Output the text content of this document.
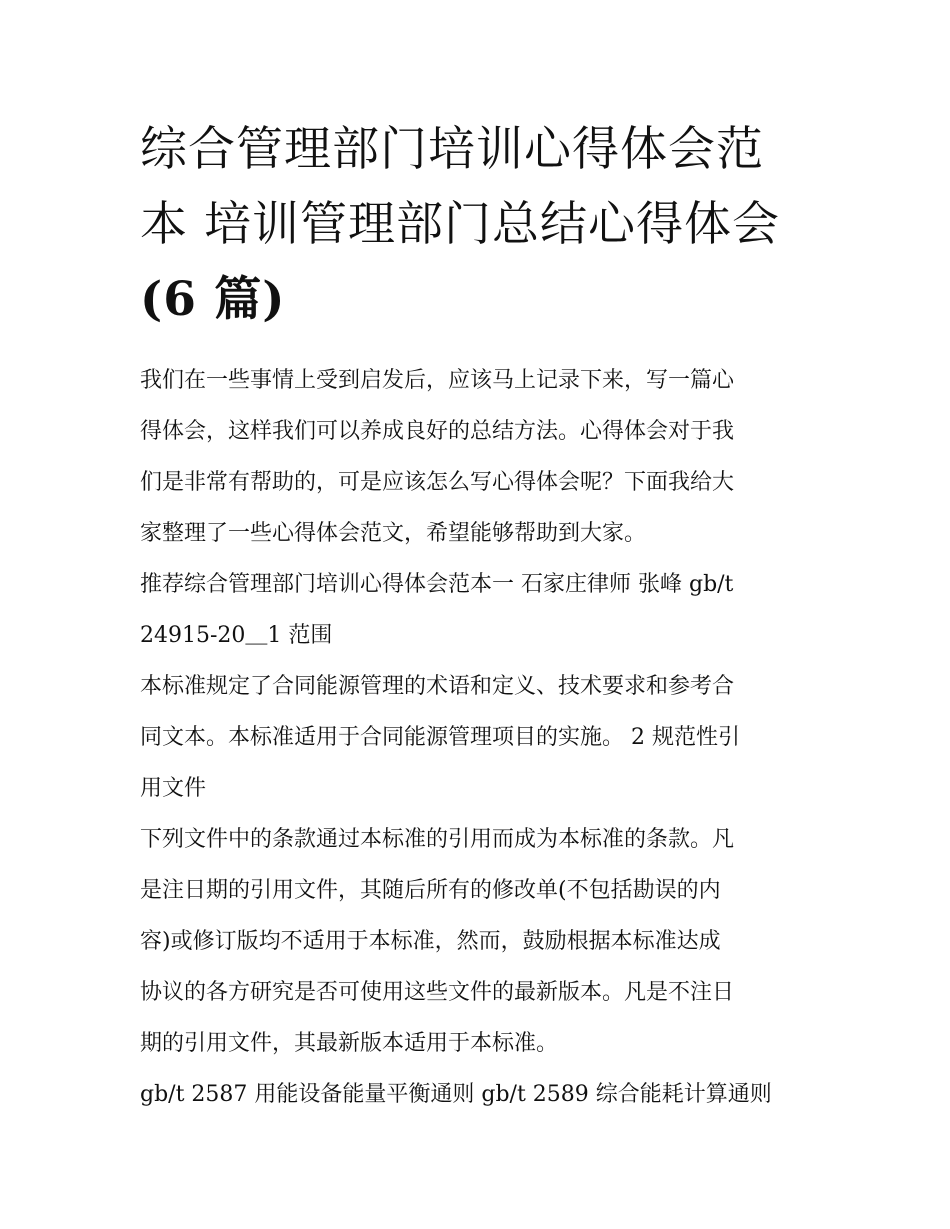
综合管理部门培训心得体会范
本 培训管理部门总结心得体会
(6 篇)
我们在一些事情上受到启发后，应该马上记录下来，写一篇心
得体会，这样我们可以养成良好的总结方法。心得体会对于我
们是非常有帮助的，可是应该怎么写心得体会呢？下面我给大
家整理了一些心得体会范文，希望能够帮助到大家。
推荐综合管理部门培训心得体会范本一 石家庄律师 张峰 gb/t
24915-20＿1 范围
本标准规定了合同能源管理的术语和定义、技术要求和参考合
同文本。本标准适用于合同能源管理项目的实施。 2 规范性引
用文件
下列文件中的条款通过本标准的引用而成为本标准的条款。凡
是注日期的引用文件，其随后所有的修改单(不包括勘误的内
容)或修订版均不适用于本标准，然而，鼓励根据本标准达成
协议的各方研究是否可使用这些文件的最新版本。凡是不注日
期的引用文件，其最新版本适用于本标准。
gb/t 2587 用能设备能量平衡通则 gb/t 2589 综合能耗计算通则
